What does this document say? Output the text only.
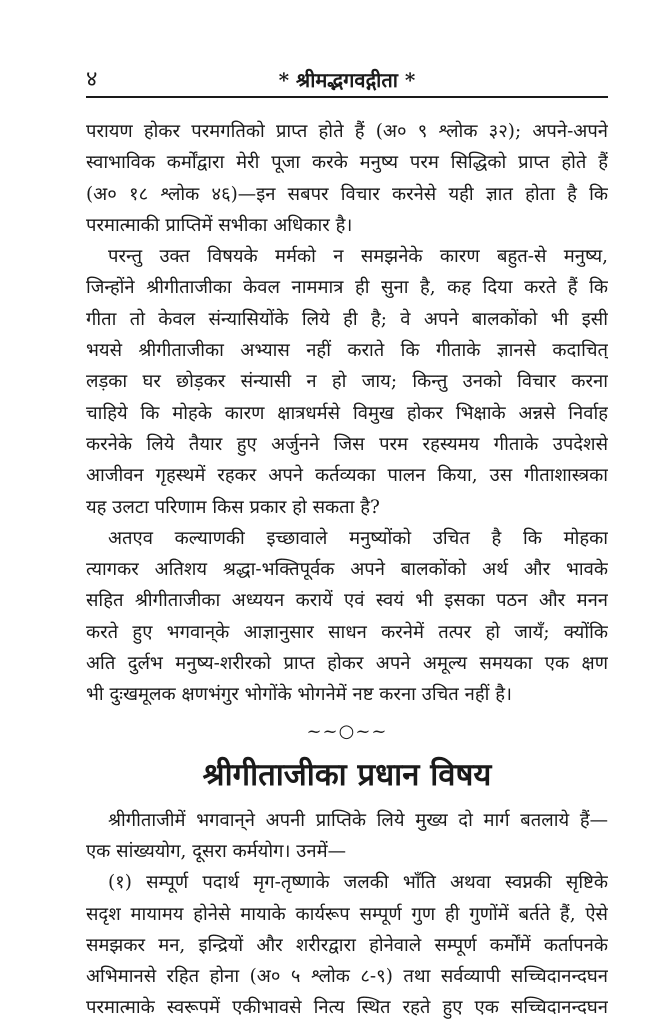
४	* श्रीमद्भगवद्गीता *
परायण होकर परमगतिको प्राप्त होते हैं (अ० ९ श्लोक ३२); अपने-अपने
स्वाभाविक कर्मोंद्वारा मेरी पूजा करके मनुष्य परम सिद्धिको प्राप्त होते हैं
(अ० १८ श्लोक ४६)—इन सबपर विचार करनेसे यही ज्ञात होता है कि
परमात्माकी प्राप्तिमें सभीका अधिकार है।
परन्तु उक्त विषयके मर्मको न समझनेके कारण बहुत-से मनुष्य,
जिन्होंने श्रीगीताजीका केवल नाममात्र ही सुना है, कह दिया करते हैं कि
गीता तो केवल संन्यासियोंके लिये ही है; वे अपने बालकोंको भी इसी
भयसे श्रीगीताजीका अभ्यास नहीं कराते कि गीताके ज्ञानसे कदाचित्
लड़का घर छोड़कर संन्यासी न हो जाय; किन्तु उनको विचार करना
चाहिये कि मोहके कारण क्षात्रधर्मसे विमुख होकर भिक्षाके अन्नसे निर्वाह
करनेके लिये तैयार हुए अर्जुनने जिस परम रहस्यमय गीताके उपदेशसे
आजीवन गृहस्थमें रहकर अपने कर्तव्यका पालन किया, उस गीताशास्त्रका
यह उलटा परिणाम किस प्रकार हो सकता है?
अतएव कल्याणकी इच्छावाले मनुष्योंको उचित है कि मोहका
त्यागकर अतिशय श्रद्धा-भक्तिपूर्वक अपने बालकोंको अर्थ और भावके
सहित श्रीगीताजीका अध्ययन करायें एवं स्वयं भी इसका पठन और मनन
करते हुए भगवान्‌के आज्ञानुसार साधन करनेमें तत्पर हो जायँ; क्योंकि
अति दुर्लभ मनुष्य-शरीरको प्राप्त होकर अपने अमूल्य समयका एक क्षण
भी दुःखमूलक क्षणभंगुर भोगोंके भोगनेमें नष्ट करना उचित नहीं है।
~~○~~
श्रीगीताजीका प्रधान विषय
श्रीगीताजीमें भगवान्‌ने अपनी प्राप्तिके लिये मुख्य दो मार्ग बतलाये हैं—
एक सांख्ययोग, दूसरा कर्मयोग। उनमें—
(१) सम्पूर्ण पदार्थ मृग-तृष्णाके जलकी भाँति अथवा स्वप्नकी सृष्टिके
सदृश मायामय होनेसे मायाके कार्यरूप सम्पूर्ण गुण ही गुणोंमें बर्तते हैं, ऐसे
समझकर मन, इन्द्रियों और शरीरद्वारा होनेवाले सम्पूर्ण कर्मोंमें कर्तापनके
अभिमानसे रहित होना (अ० ५ श्लोक ८-९) तथा सर्वव्यापी सच्चिदानन्दघन
परमात्माके स्वरूपमें एकीभावसे नित्य स्थित रहते हुए एक सच्चिदानन्दघन
